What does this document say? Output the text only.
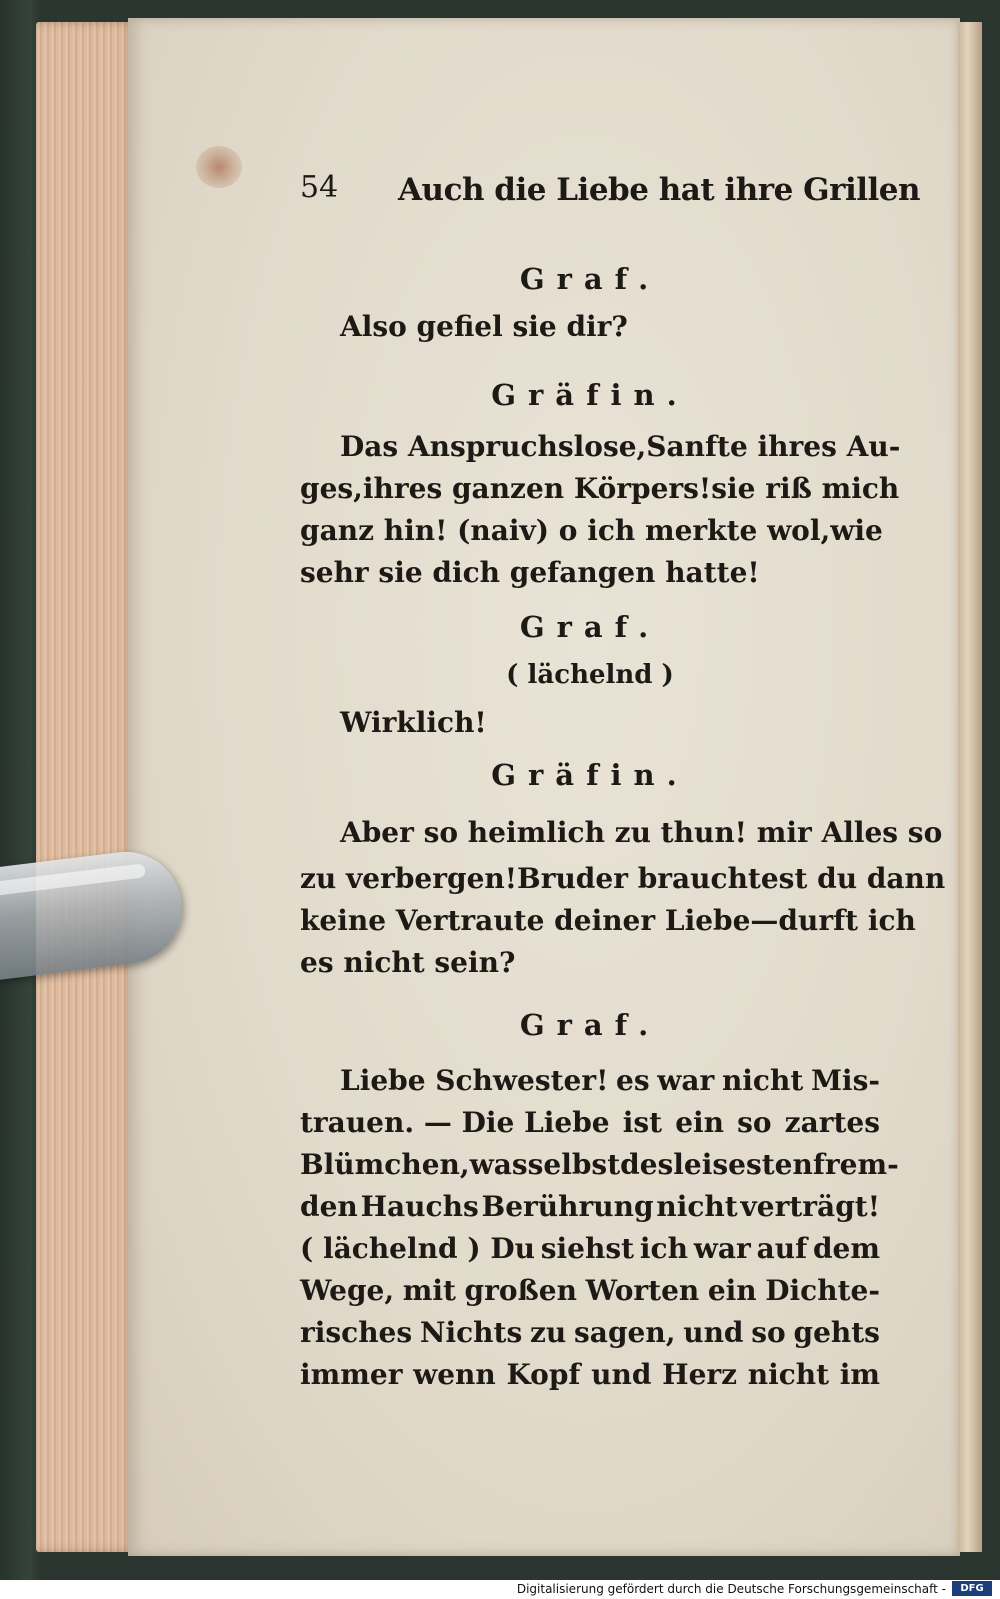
54 Auch die Liebe hat ihre Grillen
Graf.
Also gefiel sie dir?
Gräfin.
Das Anspruchslose, Sanfte ihres Au-
ges, ihres ganzen Körpers! sie riß mich
ganz hin! (naiv) o ich merkte wol, wie
sehr sie dich gefangen hatte!
Graf.
( lächelnd )
Wirklich!
Gräfin.
Aber so heimlich zu thun! mir Alles so
zu verbergen! Bruder brauchtest du dann
keine Vertraute deiner Liebe — durft ich
es nicht sein?
Graf.
Liebe Schwester! es war nicht Mis-
trauen. — Die Liebe ist ein so zartes
Blümchen, was selbst des leisesten frem-
den Hauchs Berührung nicht verträgt!
( lächelnd ) Du siehst ich war auf dem
Wege, mit großen Worten ein Dichte-
risches Nichts zu sagen, und so gehts
immer wenn Kopf und Herz nicht im
Digitalisierung gefördert durch die Deutsche Forschungsgemeinschaft -	DFG
